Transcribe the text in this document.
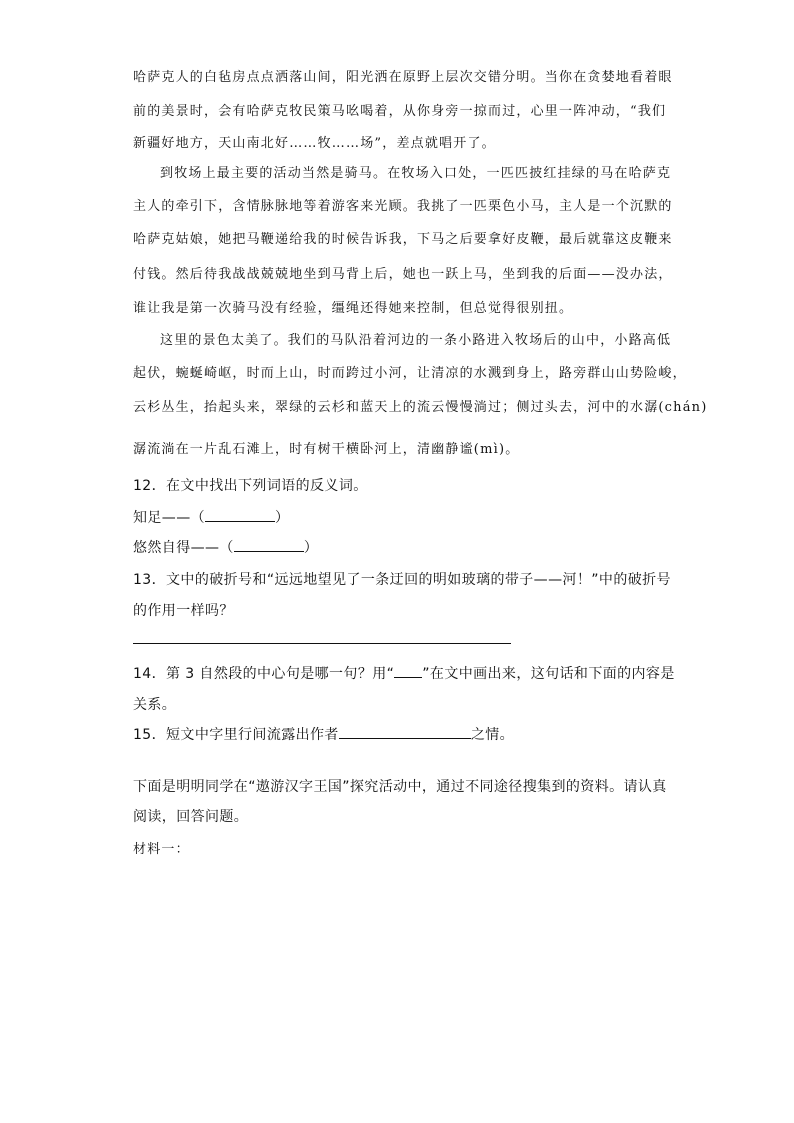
哈萨克人的白毡房点点洒落山间，阳光洒在原野上层次交错分明。当你在贪婪地看着眼
前的美景时，会有哈萨克牧民策马吆喝着，从你身旁一掠而过，心里一阵冲动，“我们
新疆好地方，天山南北好……牧……场”，差点就唱开了。
到牧场上最主要的活动当然是骑马。在牧场入口处，一匹匹披红挂绿的马在哈萨克
主人的牵引下，含情脉脉地等着游客来光顾。我挑了一匹栗色小马，主人是一个沉默的
哈萨克姑娘，她把马鞭递给我的时候告诉我，下马之后要拿好皮鞭，最后就靠这皮鞭来
付钱。然后待我战战兢兢地坐到马背上后，她也一跃上马，坐到我的后面——没办法，
谁让我是第一次骑马没有经验，缰绳还得她来控制，但总觉得很别扭。
这里的景色太美了。我们的马队沿着河边的一条小路进入牧场后的山中，小路高低
起伏，蜿蜒崎岖，时而上山，时而跨过小河，让清凉的水溅到身上，路旁群山山势险峻，
云杉丛生，抬起头来，翠绿的云杉和蓝天上的流云慢慢淌过；侧过头去，河中的水潺(chán)
潺流淌在一片乱石滩上，时有树干横卧河上，清幽静谧(mì)。
12．在文中找出下列词语的反义词。
知足——（	）
悠然自得——（	）
13．文中的破折号和“远远地望见了一条迂回的明如玻璃的带子——河！”中的破折号
的作用一样吗？
14．第 3 自然段的中心句是哪一句？用“ ”在文中画出来，这句话和下面的内容是
关系。
15．短文中字里行间流露出作者	之情。
下面是明明同学在“遨游汉字王国”探究活动中，通过不同途径搜集到的资料。请认真
阅读，回答问题。
材料一：
